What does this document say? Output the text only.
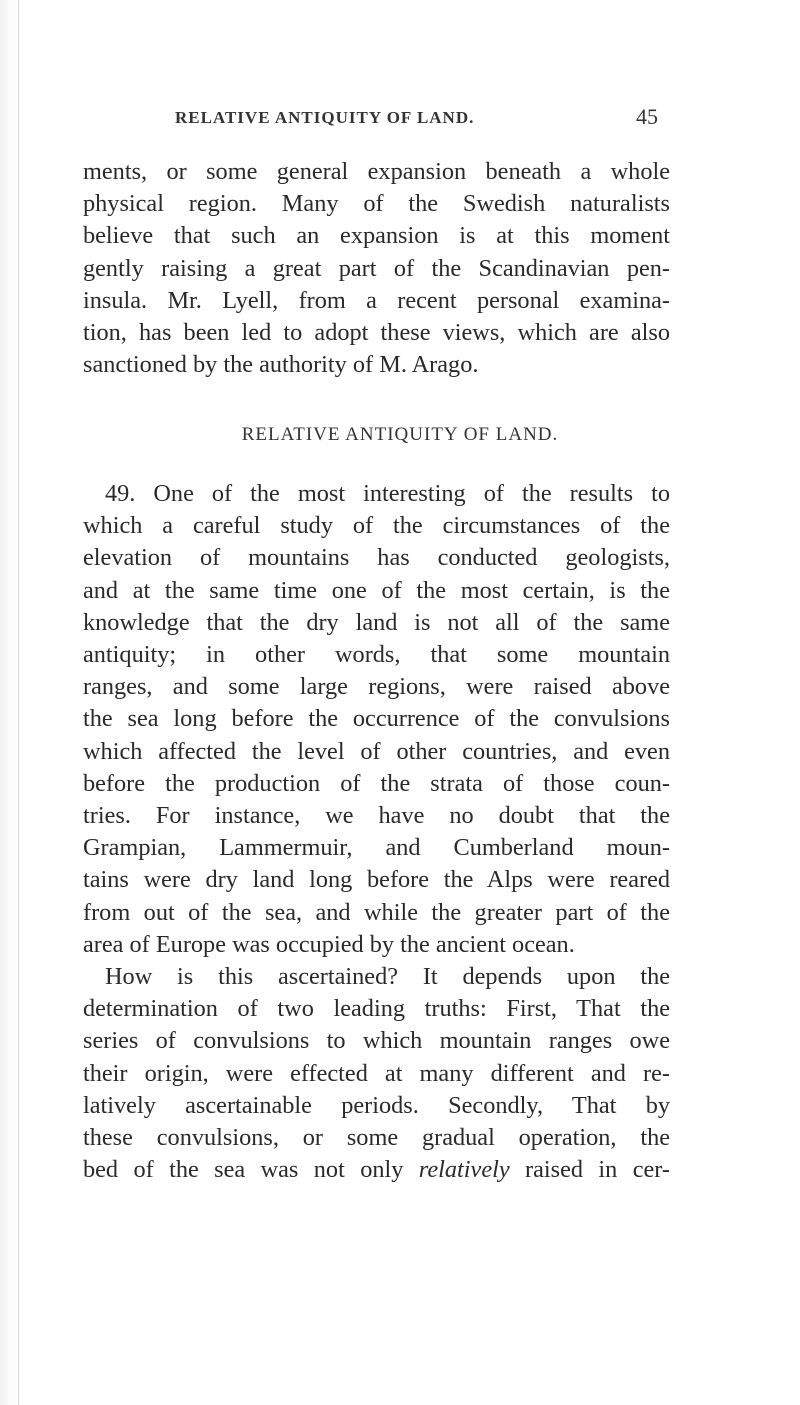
RELATIVE ANTIQUITY OF LAND.	45
ments, or some general expansion beneath a whole
physical region. Many of the Swedish naturalists
believe that such an expansion is at this moment
gently raising a great part of the Scandinavian pen-
insula. Mr. Lyell, from a recent personal examina-
tion, has been led to adopt these views, which are also
sanctioned by the authority of M. Arago.
RELATIVE ANTIQUITY OF LAND.
49. One of the most interesting of the results to
which a careful study of the circumstances of the
elevation of mountains has conducted geologists,
and at the same time one of the most certain, is the
knowledge that the dry land is not all of the same
antiquity; in other words, that some mountain
ranges, and some large regions, were raised above
the sea long before the occurrence of the convulsions
which affected the level of other countries, and even
before the production of the strata of those coun-
tries. For instance, we have no doubt that the
Grampian, Lammermuir, and Cumberland moun-
tains were dry land long before the Alps were reared
from out of the sea, and while the greater part of the
area of Europe was occupied by the ancient ocean.
How is this ascertained? It depends upon the
determination of two leading truths: First, That the
series of convulsions to which mountain ranges owe
their origin, were effected at many different and re-
latively ascertainable periods. Secondly, That by
these convulsions, or some gradual operation, the
bed of the sea was not only relatively raised in cer-
